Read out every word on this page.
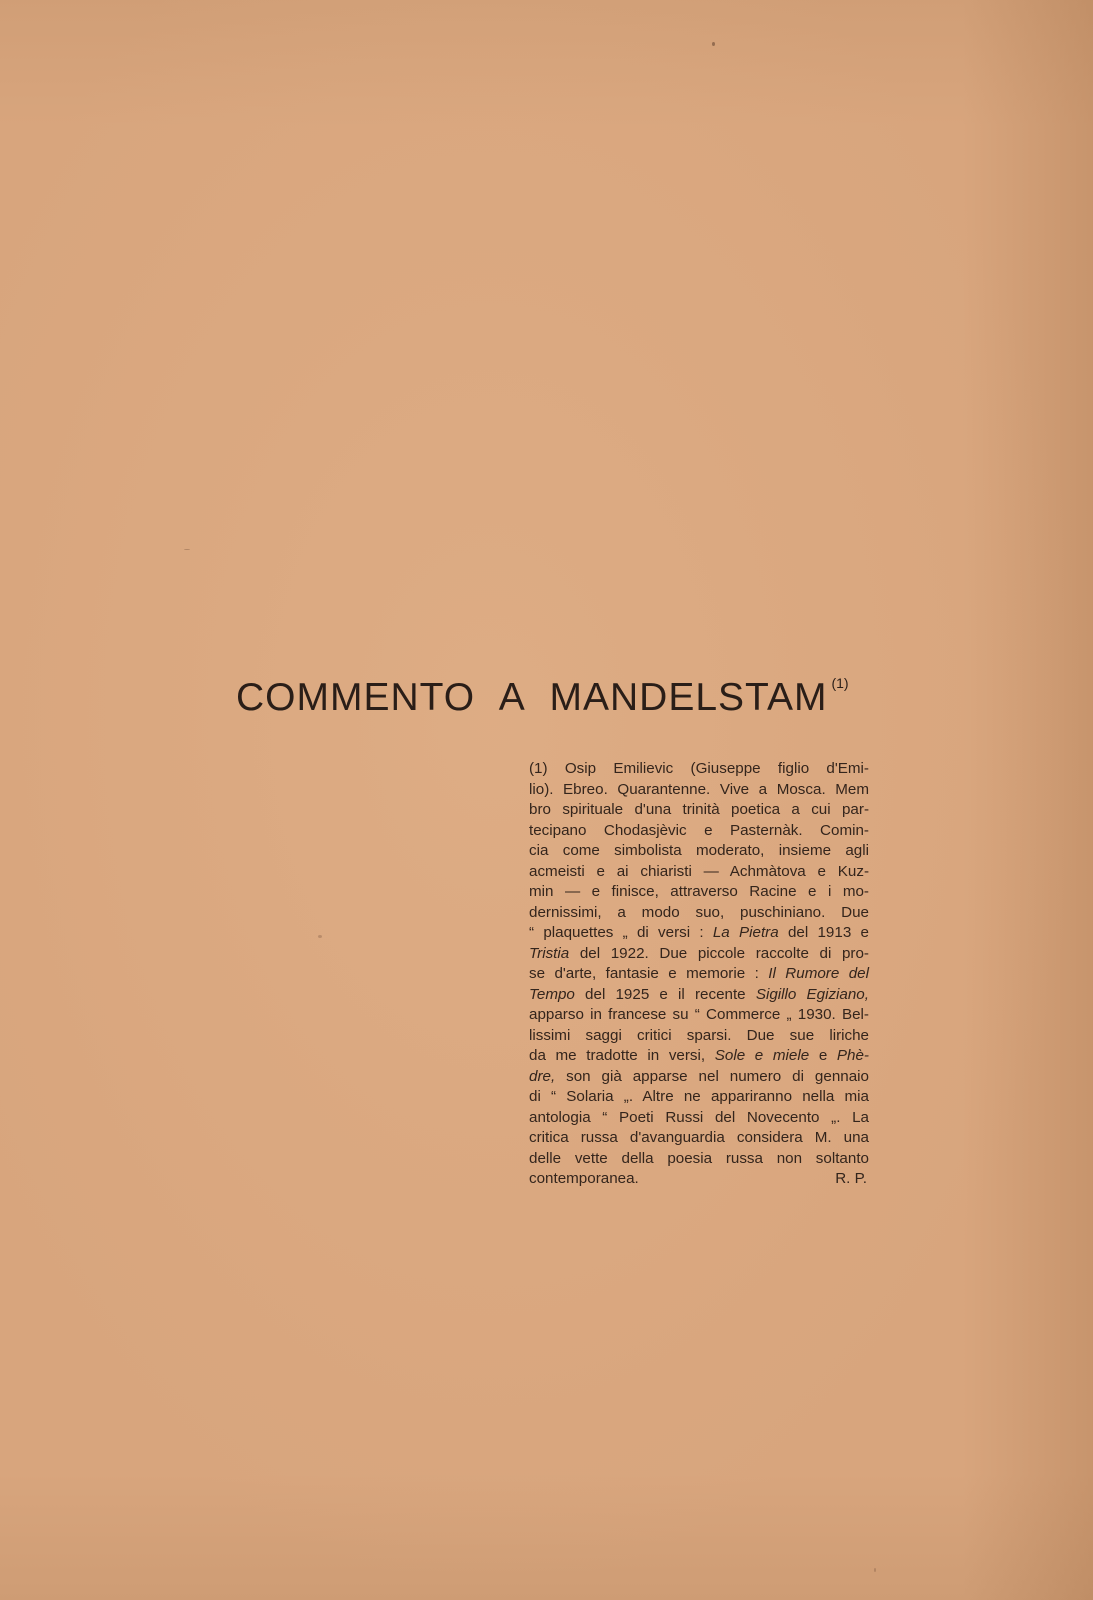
COMMENTO A MANDELSTAM $^{(1)}$
(1) Osip Emilievic (Giuseppe figlio d'Emi-
lio). Ebreo. Quarantenne. Vive a Mosca. Mem
bro spirituale d'una trinità poetica a cui par-
tecipano Chodasjèvic e Pasternàk. Comin-
cia come simbolista moderato, insieme agli
acmeisti e ai chiaristi — Achmàtova e Kuz-
min — e finisce, attraverso Racine e i mo-
dernissimi, a modo suo, puschiniano. Due
“ plaquettes „ di versi : La Pietra del 1913 e
Tristia del 1922. Due piccole raccolte di pro-
se d'arte, fantasie e memorie : Il Rumore del
Tempo del 1925 e il recente Sigillo Egiziano,
apparso in francese su “ Commerce „ 1930. Bel-
lissimi saggi critici sparsi. Due sue liriche
da me tradotte in versi, Sole e miele e Phè-
dre, son già apparse nel numero di gennaio
di “ Solaria „. Altre ne appariranno nella mia
antologia “ Poeti Russi del Novecento „. La
critica russa d'avanguardia considera M. una
delle vette della poesia russa non soltanto
contemporanea.	R. P.
